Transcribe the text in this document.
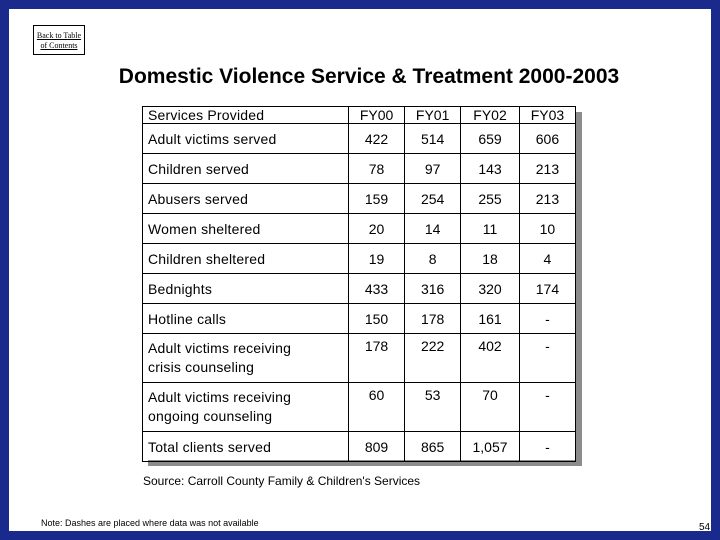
Back to Table
of Contents
Domestic Violence Service & Treatment 2000-2003
Services Provided	FY00	FY01	FY02	FY03
Adult victims served	422	514	659	606
Children served	78	97	143	213
Abusers served	159	254	255	213
Women sheltered	20	14	11	10
Children sheltered	19	8	18	4
Bednights	433	316	320	174
Hotline calls	150	178	161	-
Adult victims receiving
crisis counseling	178	222	402	-
Adult victims receiving
ongoing counseling	60	53	70	-
Total clients served	809	865	1,057	-
Source: Carroll County Family & Children's Services
Note: Dashes are placed where data was not available	54
